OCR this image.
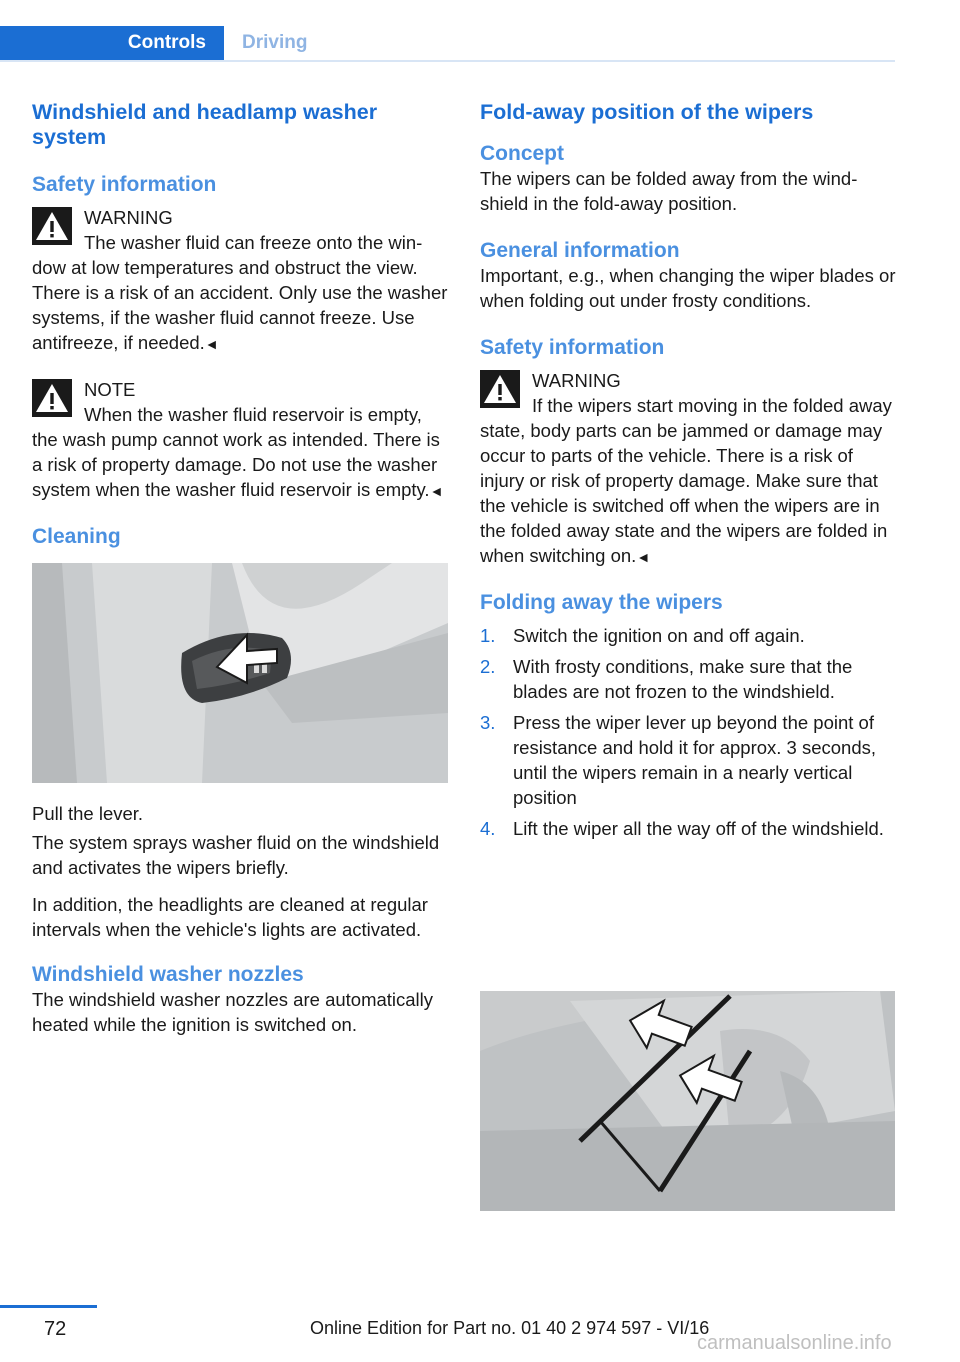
Controls	Driving
Windshield and headlamp washer system
Safety information
WARNING
The washer fluid can freeze onto the window at low temperatures and obstruct the view. There is a risk of an accident. Only use the washer systems, if the washer fluid cannot freeze. Use antifreeze, if needed.◄
NOTE
When the washer fluid reservoir is empty, the wash pump cannot work as intended. There is a risk of property damage. Do not use the washer system when the washer fluid reservoir is empty.◄
Cleaning

Pull the lever.

The system sprays washer fluid on the windshield and activates the wipers briefly.

In addition, the headlights are cleaned at regular intervals when the vehicle's lights are activated.

Windshield washer nozzles

The windshield washer nozzles are automatically heated while the ignition is switched on.

Fold-away position of the wipers
Concept

The wipers can be folded away from the windshield in the fold-away position.

General information

Important, e.g., when changing the wiper blades or when folding out under frosty conditions.

Safety information
WARNING
If the wipers start moving in the folded away state, body parts can be jammed or damage may occur to parts of the vehicle. There is a risk of injury or risk of property damage. Make sure that the vehicle is switched off when the wipers are in the folded away state and the wipers are folded in when switching on.◄
Folding away the wipers
1. Switch the ignition on and off again.
2. With frosty conditions, make sure that the blades are not frozen to the windshield.
3. Press the wiper lever up beyond the point of resistance and hold it for approx. 3 seconds, until the wipers remain in a nearly vertical position
4. Lift the wiper all the way off of the windshield.
72	Online Edition for Part no. 01 40 2 974 597 - VI/16
carmanualsonline.info
